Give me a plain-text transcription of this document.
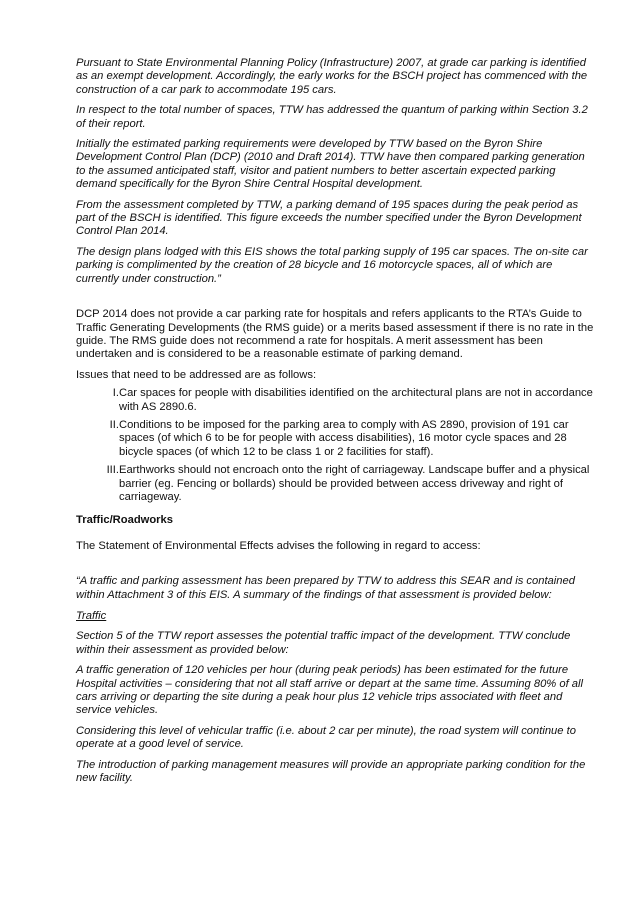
Pursuant to State Environmental Planning Policy (Infrastructure) 2007, at grade car parking is identified as an exempt development. Accordingly, the early works for the BSCH project has commenced with the construction of a car park to accommodate 195 cars.

In respect to the total number of spaces, TTW has addressed the quantum of parking within Section 3.2 of their report.

Initially the estimated parking requirements were developed by TTW based on the Byron Shire Development Control Plan (DCP) (2010 and Draft 2014). TTW have then compared parking generation to the assumed anticipated staff, visitor and patient numbers to better ascertain expected parking demand specifically for the Byron Shire Central Hospital development.

From the assessment completed by TTW, a parking demand of 195 spaces during the peak period as part of the BSCH is identified. This figure exceeds the number specified under the Byron Development Control Plan 2014.

The design plans lodged with this EIS shows the total parking supply of 195 car spaces. The on-site car parking is complimented by the creation of 28 bicycle and 16 motorcycle spaces, all of which are currently under construction.”

DCP 2014 does not provide a car parking rate for hospitals and refers applicants to the RTA’s Guide to Traffic Generating Developments (the RMS guide) or a merits based assessment if there is no rate in the guide. The RMS guide does not recommend a rate for hospitals. A merit assessment has been undertaken and is considered to be a reasonable estimate of parking demand.

Issues that need to be addressed are as follows:

I.Car spaces for people with disabilities identified on the architectural plans are not in accordance with AS 2890.6.
II.Conditions to be imposed for the parking area to comply with AS 2890, provision of 191 car spaces (of which 6 to be for people with access disabilities), 16 motor cycle spaces and 28 bicycle spaces (of which 12 to be class 1 or 2 facilities for staff).
III.Earthworks should not encroach onto the right of carriageway. Landscape buffer and a physical barrier (eg. Fencing or bollards) should be provided between access driveway and right of carriageway.

Traffic/Roadworks

The Statement of Environmental Effects advises the following in regard to access:

“A traffic and parking assessment has been prepared by TTW to address this SEAR and is contained within Attachment 3 of this EIS. A summary of the findings of that assessment is provided below:

Traffic

Section 5 of the TTW report assesses the potential traffic impact of the development. TTW conclude within their assessment as provided below:

A traffic generation of 120 vehicles per hour (during peak periods) has been estimated for the future Hospital activities – considering that not all staff arrive or depart at the same time. Assuming 80% of all cars arriving or departing the site during a peak hour plus 12 vehicle trips associated with fleet and service vehicles.

Considering this level of vehicular traffic (i.e. about 2 car per minute), the road system will continue to operate at a good level of service.

The introduction of parking management measures will provide an appropriate parking condition for the new facility.
